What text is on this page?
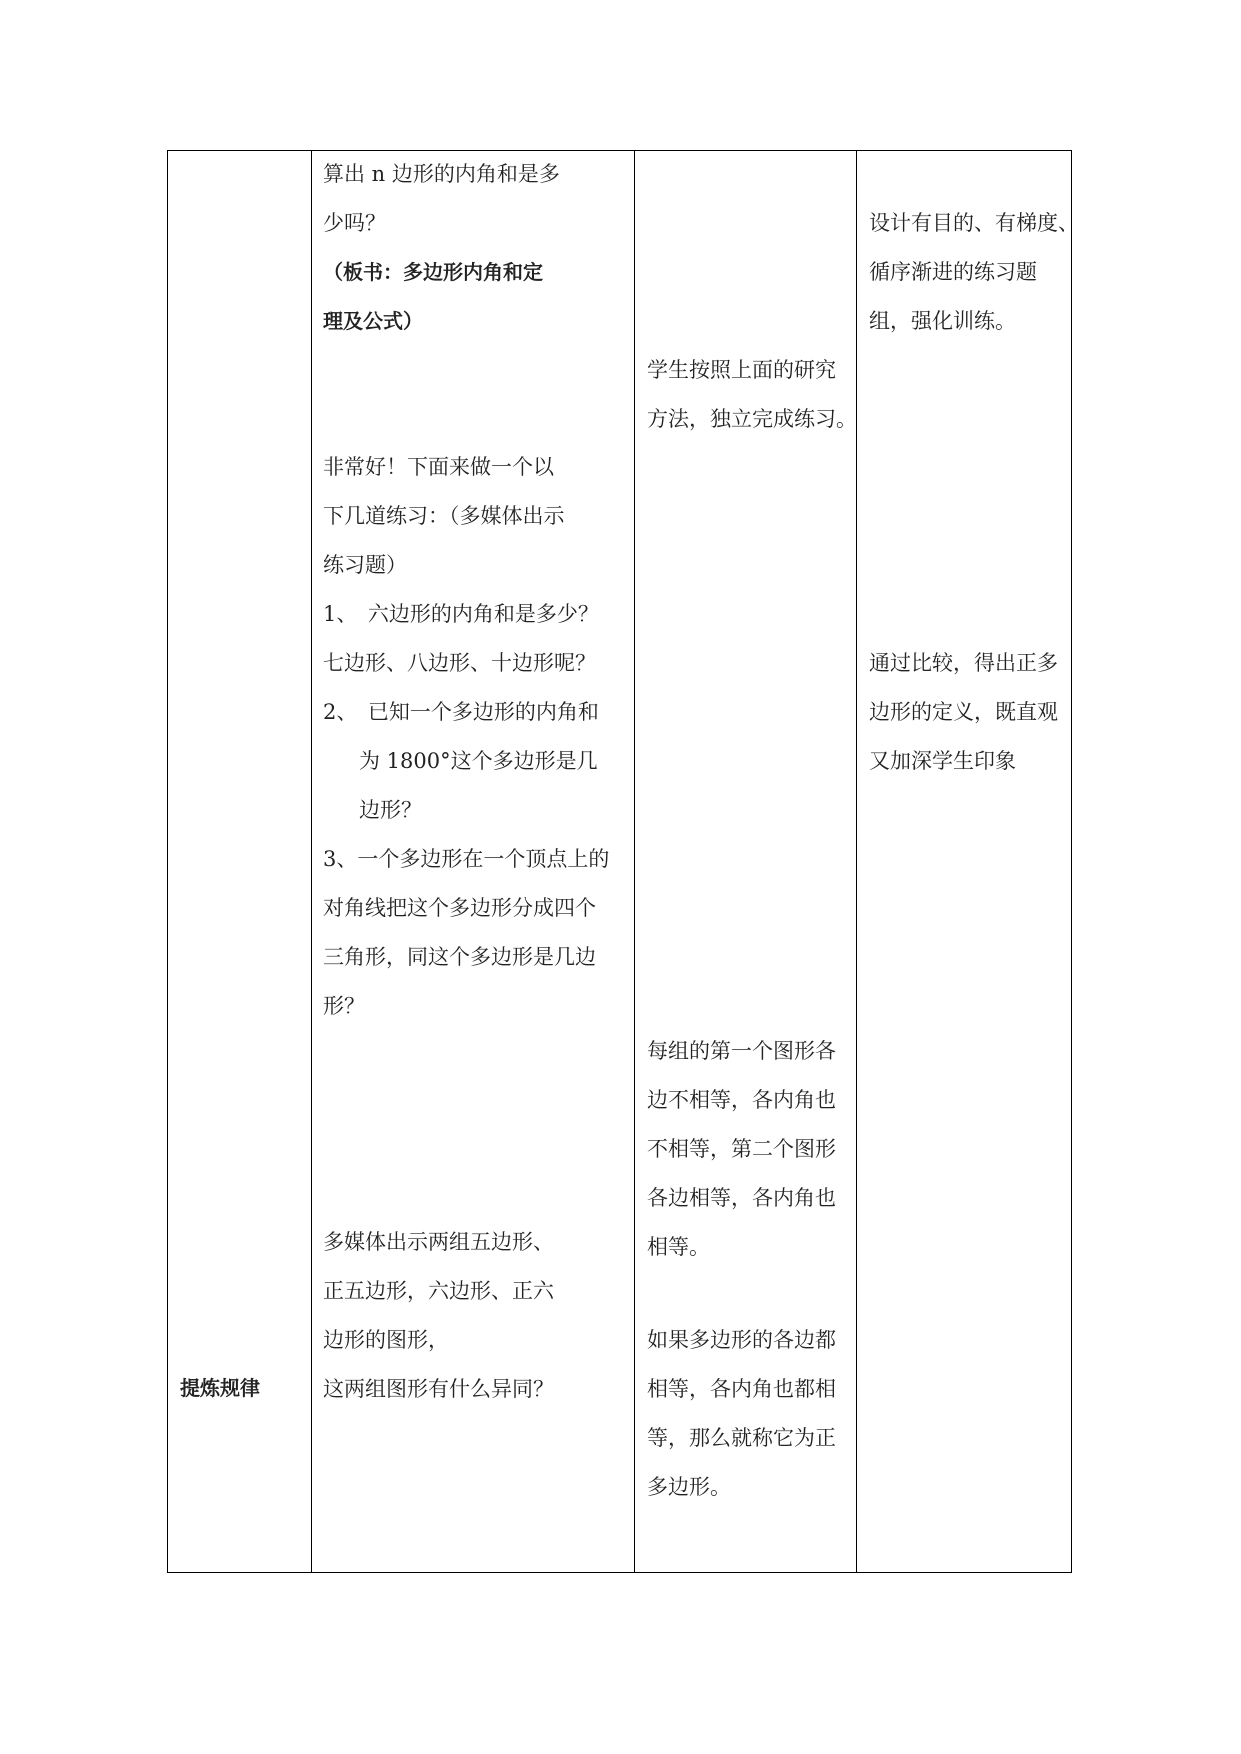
提炼规律
算出 n 边形的内角和是多
少吗？
（板书：多边形内角和定
理及公式）
非常好！下面来做一个以
下几道练习：（多媒体出示
练习题）
1、　六边形的内角和是多少？
七边形、八边形、十边形呢？
2、　已知一个多边形的内角和
为 1800°这个多边形是几
边形？
3、一个多边形在一个顶点上的
对角线把这个多边形分成四个
三角形，同这个多边形是几边
形？
多媒体出示两组五边形、
正五边形，六边形、正六
边形的图形，
这两组图形有什么异同？
学生按照上面的研究
方法，独立完成练习。
每组的第一个图形各
边不相等，各内角也
不相等，第二个图形
各边相等，各内角也
相等。
如果多边形的各边都
相等，各内角也都相
等，那么就称它为正
多边形。
设计有目的、有梯度、
循序渐进的练习题
组，强化训练。
通过比较，得出正多
边形的定义，既直观
又加深学生印象
